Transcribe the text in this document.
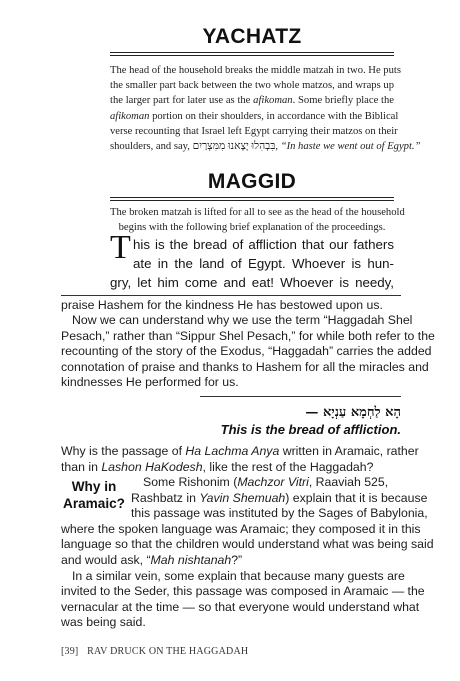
YACHATZ
The head of the household breaks the middle matzah in two. He puts
the smaller part back between the two whole matzos, and wraps up
the larger part for later use as the afikoman. Some briefly place the
afikoman portion on their shoulders, in accordance with the Biblical
verse recounting that Israel left Egypt carrying their matzos on their
shoulders, and say, בִּבְהִלוּ יָצָאנוּ מִמִּצְרַיִם, “In haste we went out of Egypt.”
MAGGID
The broken matzah is lifted for all to see as the head of the household
begins with the following brief explanation of the proceedings.
T his is the bread of affliction that our fathers
ate in the land of Egypt. Whoever is hun-
gry, let him come and eat! Whoever is needy,
praise Hashem for the kindness He has bestowed upon us.
Now we can understand why we use the term “Haggadah Shel
Pesach,” rather than “Sippur Shel Pesach,” for while both refer to the
recounting of the story of the Exodus, “Haggadah” carries the added
connotation of praise and thanks to Hashem for all the miracles and
kindnesses He performed for us.
הָא לַחְמָא עַנְיָא —
This is the bread of affliction.
Why is the passage of Ha Lachma Anya written in Aramaic, rather
than in Lashon HaKodesh, like the rest of the Haggadah?
Why in
Aramaic?
Some Rishonim (Machzor Vitri, Raaviah 525,
Rashbatz in Yavin Shemuah) explain that it is because
this passage was instituted by the Sages of Babylonia,
where the spoken language was Aramaic; they composed it in this
language so that the children would understand what was being said
and would ask, “Mah nishtanah?”
In a similar vein, some explain that because many guests are
invited to the Seder, this passage was composed in Aramaic — the
vernacular at the time — so that everyone would understand what
was being said.
[39] RAV DRUCK ON THE HAGGADAH
